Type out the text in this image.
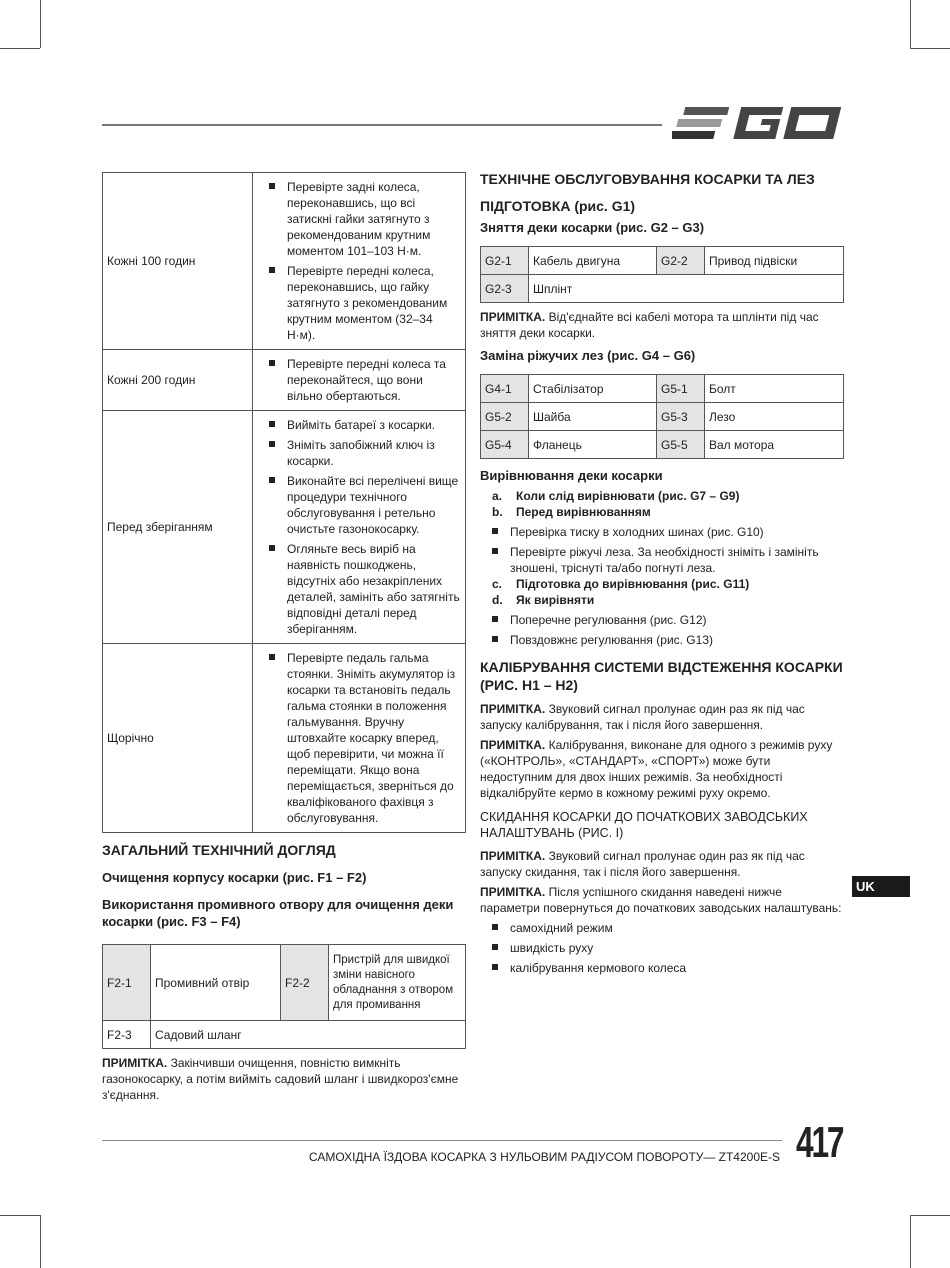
Кожні 100 годин	Перевірте задні колеса, переконавшись, що всі затискні гайки затягнуто з рекомендованим крутним моментом 101–103 Н·м.
Перевірте передні колеса, переконавшись, що гайку затягнуто з рекомендованим крутним моментом (32–34 Н·м).

Кожні 200 годин	Перевірте передні колеса та переконайтеся, що вони вільно обертаються.

Перед зберіганням	Вийміть батареї з косарки.
Зніміть запобіжний ключ із косарки.
Виконайте всі перелічені вище процедури технічного обслуговування і ретельно очистьте газонокосарку.
Огляньте весь виріб на наявність пошкоджень, відсутніх або незакріплених деталей, замініть або затягніть відповідні деталі перед зберіганням.

Щорічно	Перевірте педаль гальма стоянки. Зніміть акумулятор із косарки та встановіть педаль гальма стоянки в положення гальмування. Вручну штовхайте косарку вперед, щоб перевірити, чи можна її переміщати. Якщо вона переміщається, зверніться до кваліфікованого фахівця з обслуговування.
ЗАГАЛЬНИЙ ТЕХНІЧНИЙ ДОГЛЯД
Очищення корпусу косарки (рис. F1 – F2)
Використання промивного отвору для очищення деки косарки (рис. F3 – F4)
F2-1	Промивний отвір	F2-2	Пристрій для швидкої зміни навісного обладнання з отвором для промивання
F2-3	Садовий шланг		
ПРИМІТКА. Закінчивши очищення, повністю вимкніть газонокосарку, а потім вийміть садовий шланг і швидкороз'ємне з'єднання.
ТЕХНІЧНЕ ОБСЛУГОВУВАННЯ КОСАРКИ ТА ЛЕЗ
ПІДГОТОВКА (рис. G1)
Зняття деки косарки (рис. G2 – G3)
G2-1	Кабель двигуна	G2-2	Привод підвіски
G2-3	Шплінт		
ПРИМІТКА. Від'єднайте всі кабелі мотора та шплінти під час зняття деки косарки.
Заміна ріжучих лез (рис. G4 – G6)
G4-1	Стабілізатор	G5-1	Болт
G5-2	Шайба	G5-3	Лезо
G5-4	Фланець	G5-5	Вал мотора
Вирівнювання деки косарки
a. Коли слід вирівнювати (рис. G7 – G9)
b. Перед вирівнюванням
Перевірка тиску в холодних шинах (рис. G10)
Перевірте ріжучі леза. За необхідності зніміть і замініть зношені, тріснуті та/або погнуті леза.
c. Підготовка до вирівнювання (рис. G11)
d. Як вирівняти
Поперечне регулювання (рис. G12)
Повздовжнє регулювання (рис. G13)
КАЛІБРУВАННЯ СИСТЕМИ ВІДСТЕЖЕННЯ КОСАРКИ (РИС. H1 – H2)
ПРИМІТКА. Звуковий сигнал пролунає один раз як під час запуску калібрування, так і після його завершення.
ПРИМІТКА. Калібрування, виконане для одного з режимів руху («КОНТРОЛЬ», «СТАНДАРТ», «СПОРТ») може бути недоступним для двох інших режимів. За необхідності відкалібруйте кермо в кожному режимі руху окремо.
СКИДАННЯ КОСАРКИ ДО ПОЧАТКОВИХ ЗАВОДСЬКИХ НАЛАШТУВАНЬ (РИС. I)
ПРИМІТКА. Звуковий сигнал пролунає один раз як під час запуску скидання, так і після його завершення.
ПРИМІТКА. Після успішного скидання наведені нижче параметри повернуться до початкових заводських налаштувань:
самохідний режим
швидкість руху
калібрування кермового колеса
UK
САМОХІДНА ЇЗДОВА КОСАРКА З НУЛЬОВИМ РАДІУСОМ ПОВОРОТУ— ZT4200E-S 417
